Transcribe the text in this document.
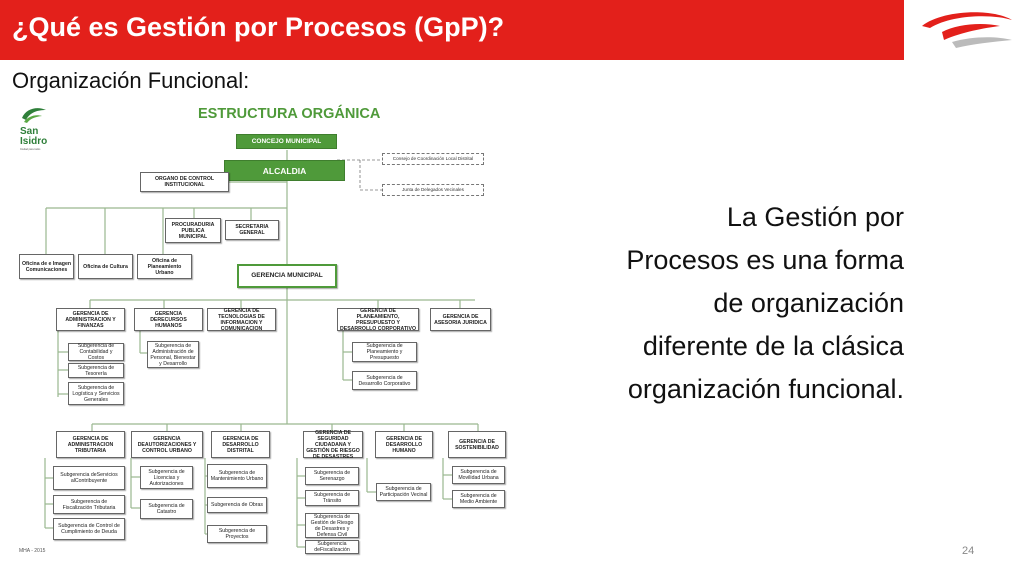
¿Qué es Gestión por Procesos (GpP)?
Organización Funcional:
San
Isidro
Ciudad para todos
ESTRUCTURA ORGÁNICA
CONCEJO MUNICIPAL
ALCALDIA
Consejo de Coordinación Local Distrital
Junta de Delegados Vecinales
ORGANO DE CONTROL INSTITUCIONAL
PROCURADURIA PUBLICA MUNICIPAL
SECRETARIA GENERAL
Oficina de e Imagen Comunicaciones	Oficina de Cultura
Oficina de Planeamiento Urbano	GERENCIA MUNICIPAL
GERENCIA DE ADMINISTRACION Y FINANZAS
GERENCIA DERECURSOS HUMANOS
GERENCIA DE TECNOLOGIAS DE INFORMACION Y COMUNICACION
GERENCIA DE PLANEAMIENTO, PRESUPUESTO Y DESARROLLO CORPORATIVO
GERENCIA DE ASESORIA JURIDICA
Subgerencia de Contabilidad y Costos
Subgerencia de Tesorería
Subgerencia de Logística y Servicios Generales
Subgerencia de Administración de Personal, Bienestar y Desarrollo
Subgerencia de Planeamiento y Presupuesto
Subgerencia de Desarrollo Corporativo
GERENCIA DE ADMINISTRACION TRIBUTARIA
GERENCIA DEAUTORIZACIONES Y CONTROL URBANO
GERENCIA DE DESARROLLO DISTRITAL
GERENCIA DE SEGURIDAD CIUDADANA Y GESTIÓN DE RIESGO DE DESASTRES
GERENCIA DE DESARROLLO HUMANO
GERENCIA DE SOSTENIBILIDAD
Subgerencia deServicios alContribuyente
Subgerencia de Fiscalización Tributaria
Subgerencia de Control de Cumplimiento de Deuda
Subgerencia de Licencias y Autorizaciones
Subgerencia de Catastro
Subgerencia de Mantenimiento Urbano
Subgerencia de Obras
Subgerencia de Proyectos
Subgerencia de Serenazgo
Subgerencia de Tránsito
Subgerencia de Gestión de Riesgo de Desastres y Defensa Civil
Subgerencia deFiscalización
Subgerencia de Participación Vecinal
Subgerencia de Movilidad Urbana
Subgerencia de Medio Ambiente
La Gestión por
Procesos es una forma
de organización
diferente de la clásica
organización funcional.
MHA - 2015	24
